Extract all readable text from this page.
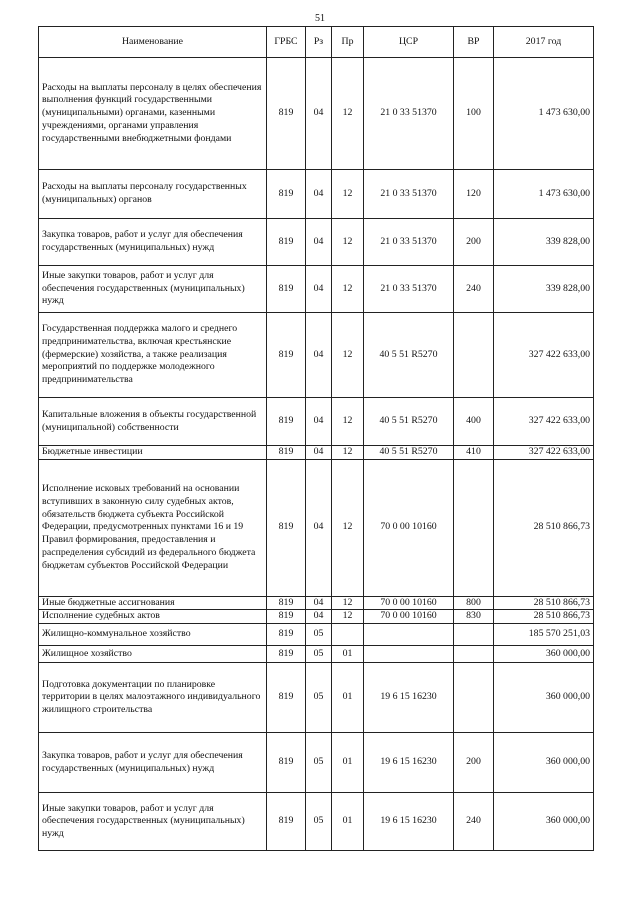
51
Наименование	ГРБС	Рз	Пр	ЦСР	ВР	2017 год
Расходы на выплаты персоналу в целях обеспечения выполнения функций государственными (муниципальными) органами, казенными учреждениями, органами управления государственными внебюджетными фондами	819	04	12	21 0 33 51370	100	1 473 630,00
Расходы на выплаты персоналу государственных (муниципальных) органов	819	04	12	21 0 33 51370	120	1 473 630,00
Закупка товаров, работ и услуг для обеспечения государственных (муниципальных) нужд	819	04	12	21 0 33 51370	200	339 828,00
Иные закупки товаров, работ и услуг для обеспечения государственных (муниципальных) нужд	819	04	12	21 0 33 51370	240	339 828,00
Государственная поддержка малого и среднего предпринимательства, включая крестьянские (фермерские) хозяйства, а также реализация мероприятий по поддержке молодежного предпринимательства	819	04	12	40 5 51 R5270		327 422 633,00
Капитальные вложения в объекты государственной (муниципальной) собственности	819	04	12	40 5 51 R5270	400	327 422 633,00
Бюджетные инвестиции	819	04	12	40 5 51 R5270	410	327 422 633,00
Исполнение исковых требований на основании вступивших в законную силу судебных актов, обязательств бюджета субъекта Российской Федерации, предусмотренных пунктами 16 и 19 Правил формирования, предоставления и распределения субсидий из федерального бюджета бюджетам субъектов Российской Федерации	819	04	12	70 0 00 10160		28 510 866,73
Иные бюджетные ассигнования	819	04	12	70 0 00 10160	800	28 510 866,73
Исполнение судебных актов	819	04	12	70 0 00 10160	830	28 510 866,73
Жилищно-коммунальное хозяйство	819	05				185 570 251,03
Жилищное хозяйство	819	05	01			360 000,00
Подготовка документации по планировке территории в целях малоэтажного индивидуального жилищного строительства	819	05	01	19 6 15 16230		360 000,00
Закупка товаров, работ и услуг для обеспечения государственных (муниципальных) нужд	819	05	01	19 6 15 16230	200	360 000,00
Иные закупки товаров, работ и услуг для обеспечения государственных (муниципальных) нужд	819	05	01	19 6 15 16230	240	360 000,00
